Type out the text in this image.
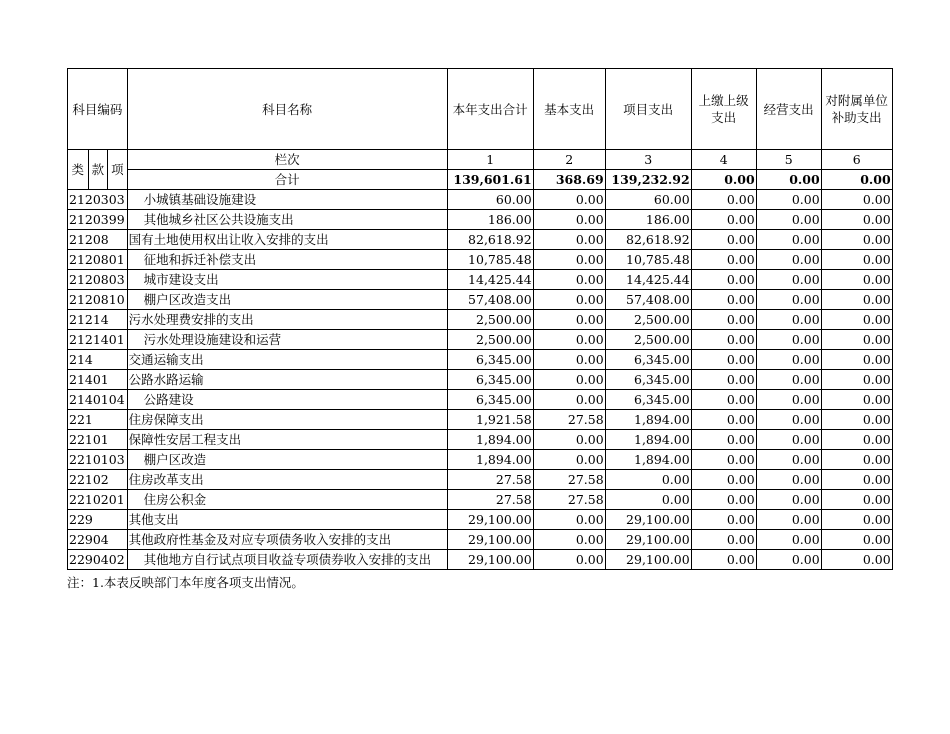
科目编码			科目名称	本年支出合计	基本支出	项目支出	上缴上级支出	经营支出	对附属单位补助支出
类	款	项	栏次	1	2	3	4	5	6
			合计	139,601.61	368.69	139,232.92	0.00	0.00	0.00
2120303			小城镇基础设施建设	60.00	0.00	60.00	0.00	0.00	0.00
2120399			其他城乡社区公共设施支出	186.00	0.00	186.00	0.00	0.00	0.00
21208			国有土地使用权出让收入安排的支出	82,618.92	0.00	82,618.92	0.00	0.00	0.00
2120801			征地和拆迁补偿支出	10,785.48	0.00	10,785.48	0.00	0.00	0.00
2120803			城市建设支出	14,425.44	0.00	14,425.44	0.00	0.00	0.00
2120810			棚户区改造支出	57,408.00	0.00	57,408.00	0.00	0.00	0.00
21214			污水处理费安排的支出	2,500.00	0.00	2,500.00	0.00	0.00	0.00
2121401			污水处理设施建设和运营	2,500.00	0.00	2,500.00	0.00	0.00	0.00
214			交通运输支出	6,345.00	0.00	6,345.00	0.00	0.00	0.00
21401			公路水路运输	6,345.00	0.00	6,345.00	0.00	0.00	0.00
2140104			公路建设	6,345.00	0.00	6,345.00	0.00	0.00	0.00
221			住房保障支出	1,921.58	27.58	1,894.00	0.00	0.00	0.00
22101			保障性安居工程支出	1,894.00	0.00	1,894.00	0.00	0.00	0.00
2210103			棚户区改造	1,894.00	0.00	1,894.00	0.00	0.00	0.00
22102			住房改革支出	27.58	27.58	0.00	0.00	0.00	0.00
2210201			住房公积金	27.58	27.58	0.00	0.00	0.00	0.00
229			其他支出	29,100.00	0.00	29,100.00	0.00	0.00	0.00
22904			其他政府性基金及对应专项债务收入安排的支出	29,100.00	0.00	29,100.00	0.00	0.00	0.00
2290402			其他地方自行试点项目收益专项债券收入安排的支出	29,100.00	0.00	29,100.00	0.00	0.00	0.00
注：1.本表反映部门本年度各项支出情况。
